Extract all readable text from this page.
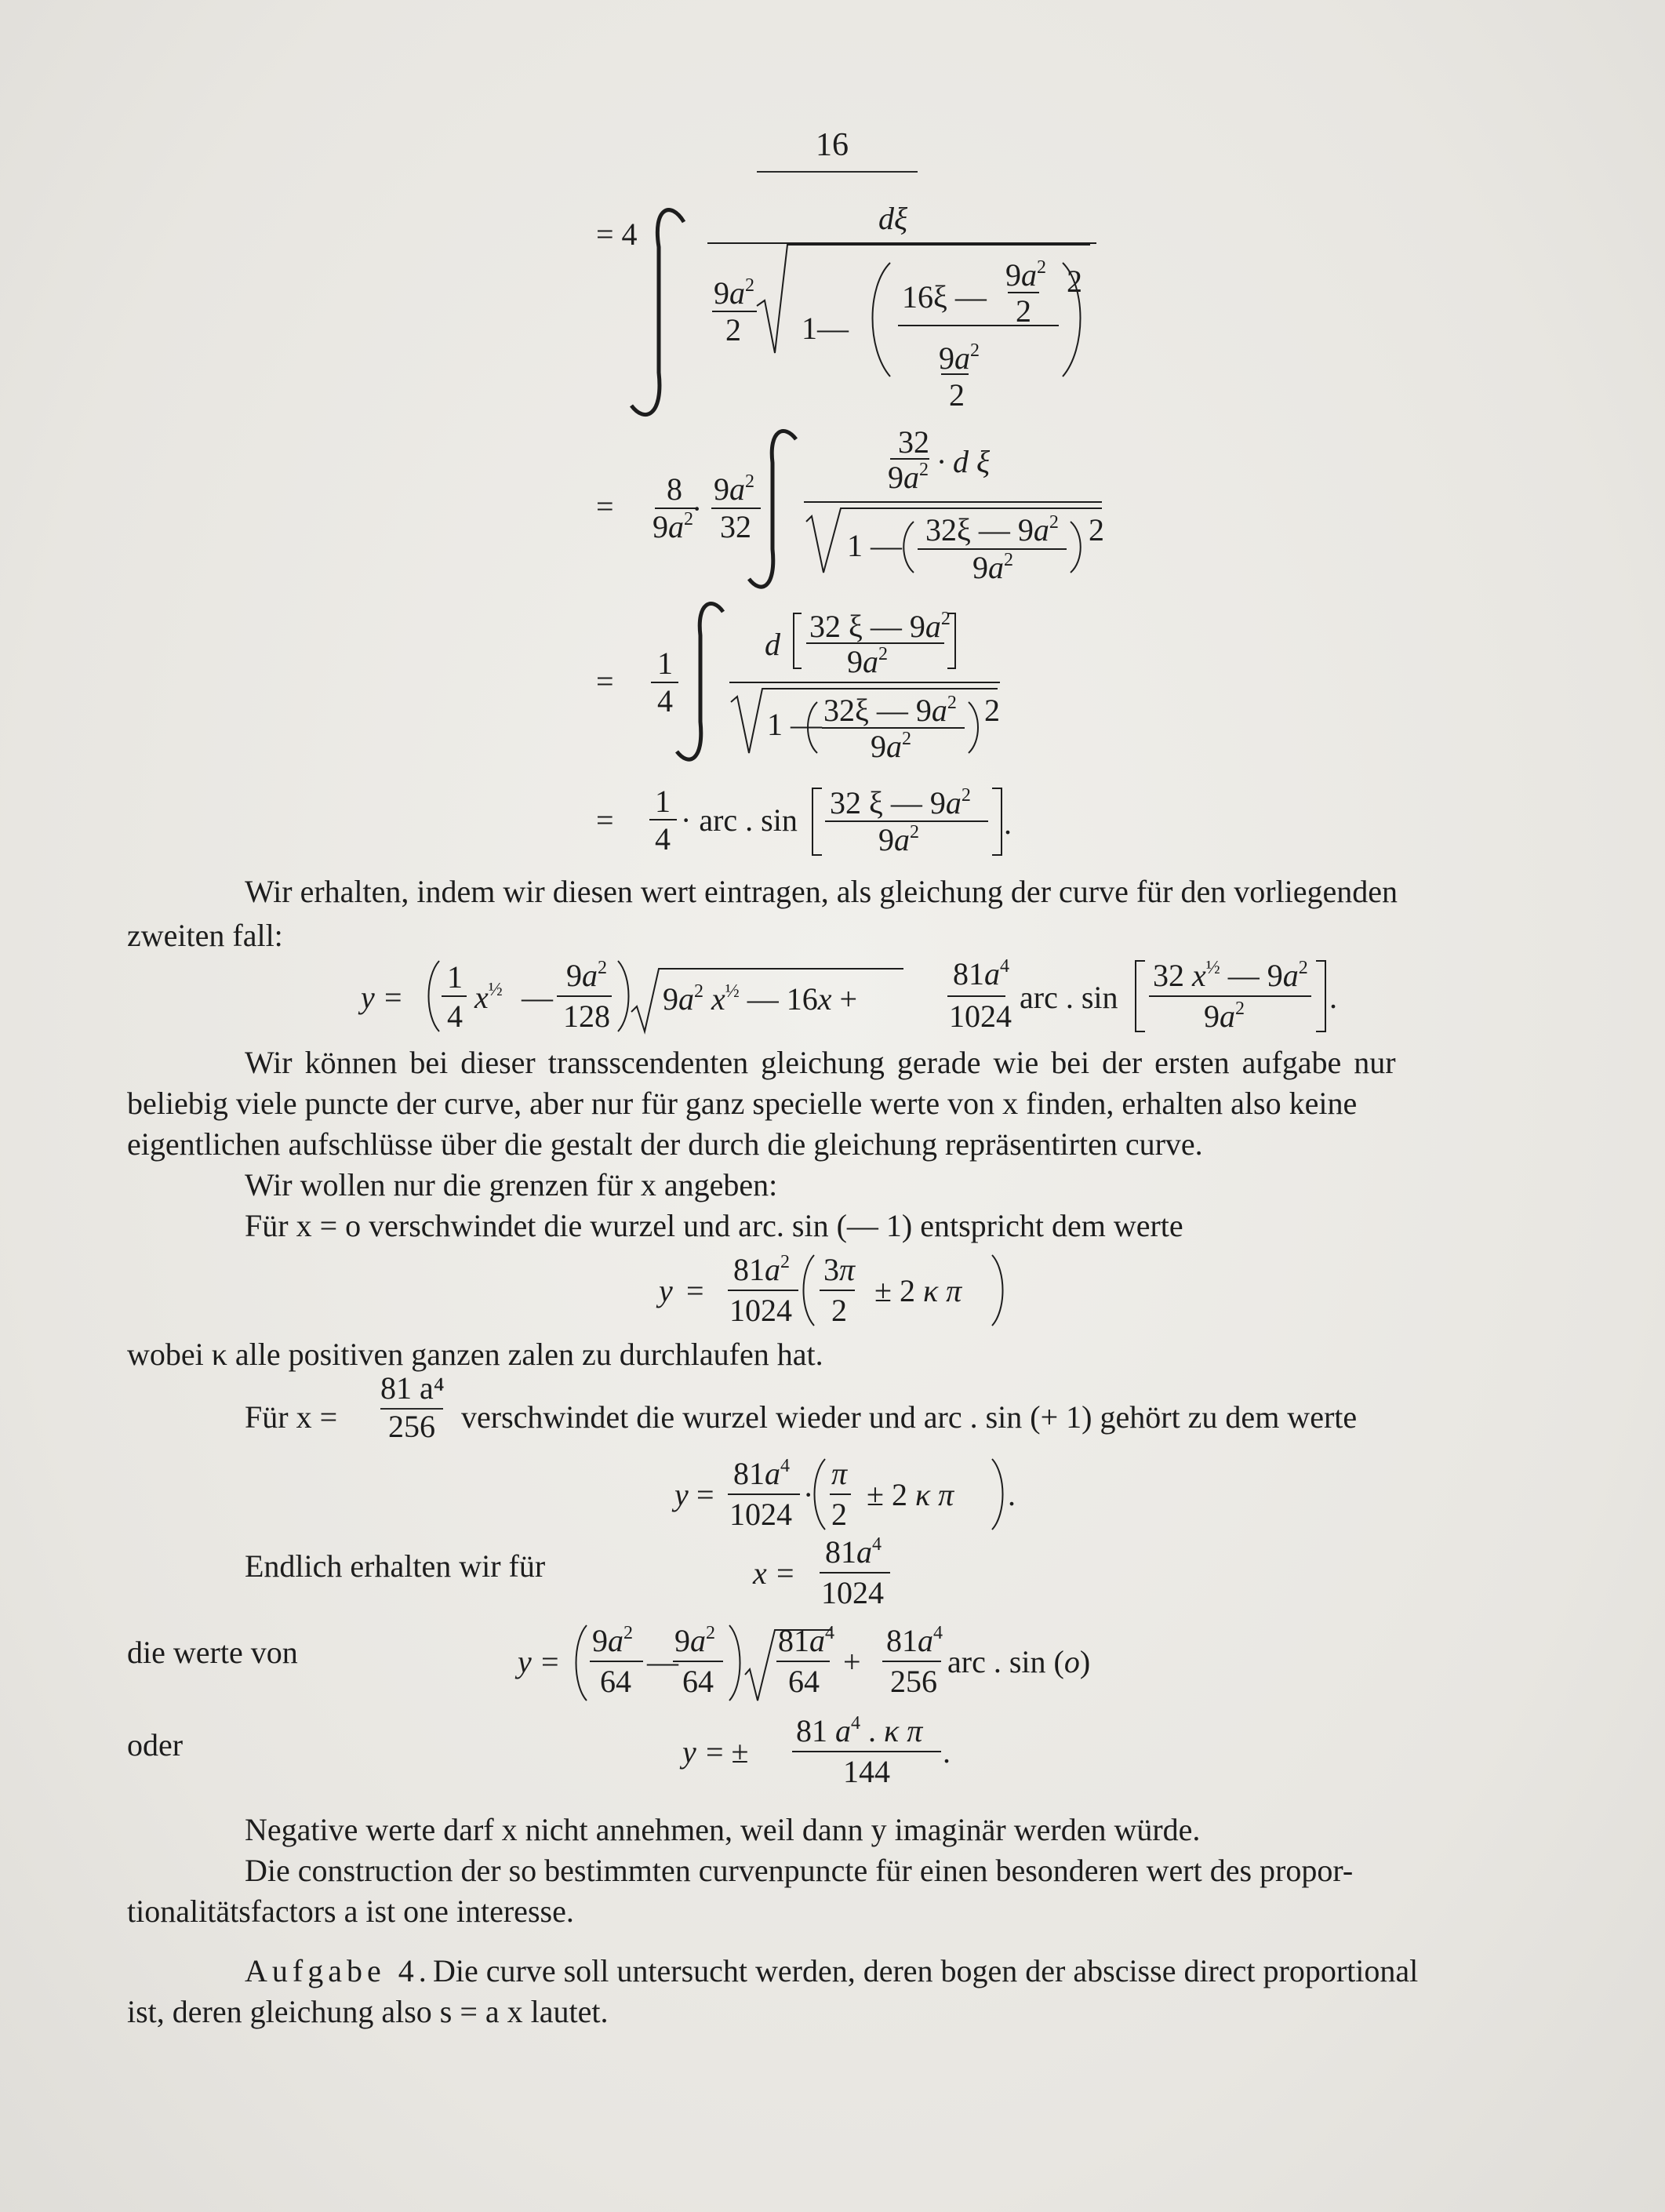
16
= 4	dξ
$9a^2$
2 1—
16ξ —
$9a^2$
2
2
$9a^2$
2
= 8
$9a^2$
·
$9a^2$
32
32
$9a^2 \cdot d$ ξ
1 — 32ξ — $9a^2$
$9a^2$
2
=
1
4
d
32 ξ — $9a^2$
$9a^2$
1 — 32ξ — $9a^2$
$9a^2$
2
=
1
4
· arc . sin 32 ξ — $9a^2$
$9a^2$	.
Wir erhalten, indem wir diesen wert eintragen, als gleichung der curve für den vorliegenden
zweiten fall:
y =
1
4
$x^{\frac{1}{2}}$ —
$9a^2$
128 $9a^2$ $x^{\frac{1}{2}}$ — 16x +
$81a^4$
1024
arc . sin
32 $x^{\frac{1}{2}}$ — $9a^2$
$9a^2$	.
Wir können bei dieser transscendenten gleichung gerade wie bei der ersten aufgabe nur
beliebig viele puncte der curve, aber nur für ganz specielle werte von x finden, erhalten also keine
eigentlichen aufschlüsse über die gestalt der durch die gleichung repräsentirten curve.
Wir wollen nur die grenzen für x angeben:
Für x = o verschwindet die wurzel und arc. sin (— 1) entspricht dem werte
y =
$81a^2$
1024
3π
2
± 2 κ π
wobei κ alle positiven ganzen zalen zu durchlaufen hat.
Für x =
81 a⁴
256 verschwindet die wurzel wieder und arc . sin (+ 1) gehört zu dem werte
y =
$81a^4$
1024
·
π
2
± 2 κ π .
Endlich erhalten wir für	x =
$81a^4$
1024
die werte von	y =
$9a^2$
64
—
$9a^2$
64
$81a^4$
64
+
$81a^4$
256
arc . sin (o)
oder	y = ±
81 $a^4$ . κ π
144
.
Negative werte darf x nicht annehmen, weil dann y imaginär werden würde.
Die construction der so bestimmten curvenpuncte für einen besonderen wert des propor-
tionalitätsfactors a ist one interesse.
Aufgabe 4. Die curve soll untersucht werden, deren bogen der abscisse direct proportional
ist, deren gleichung also s = a x lautet.
